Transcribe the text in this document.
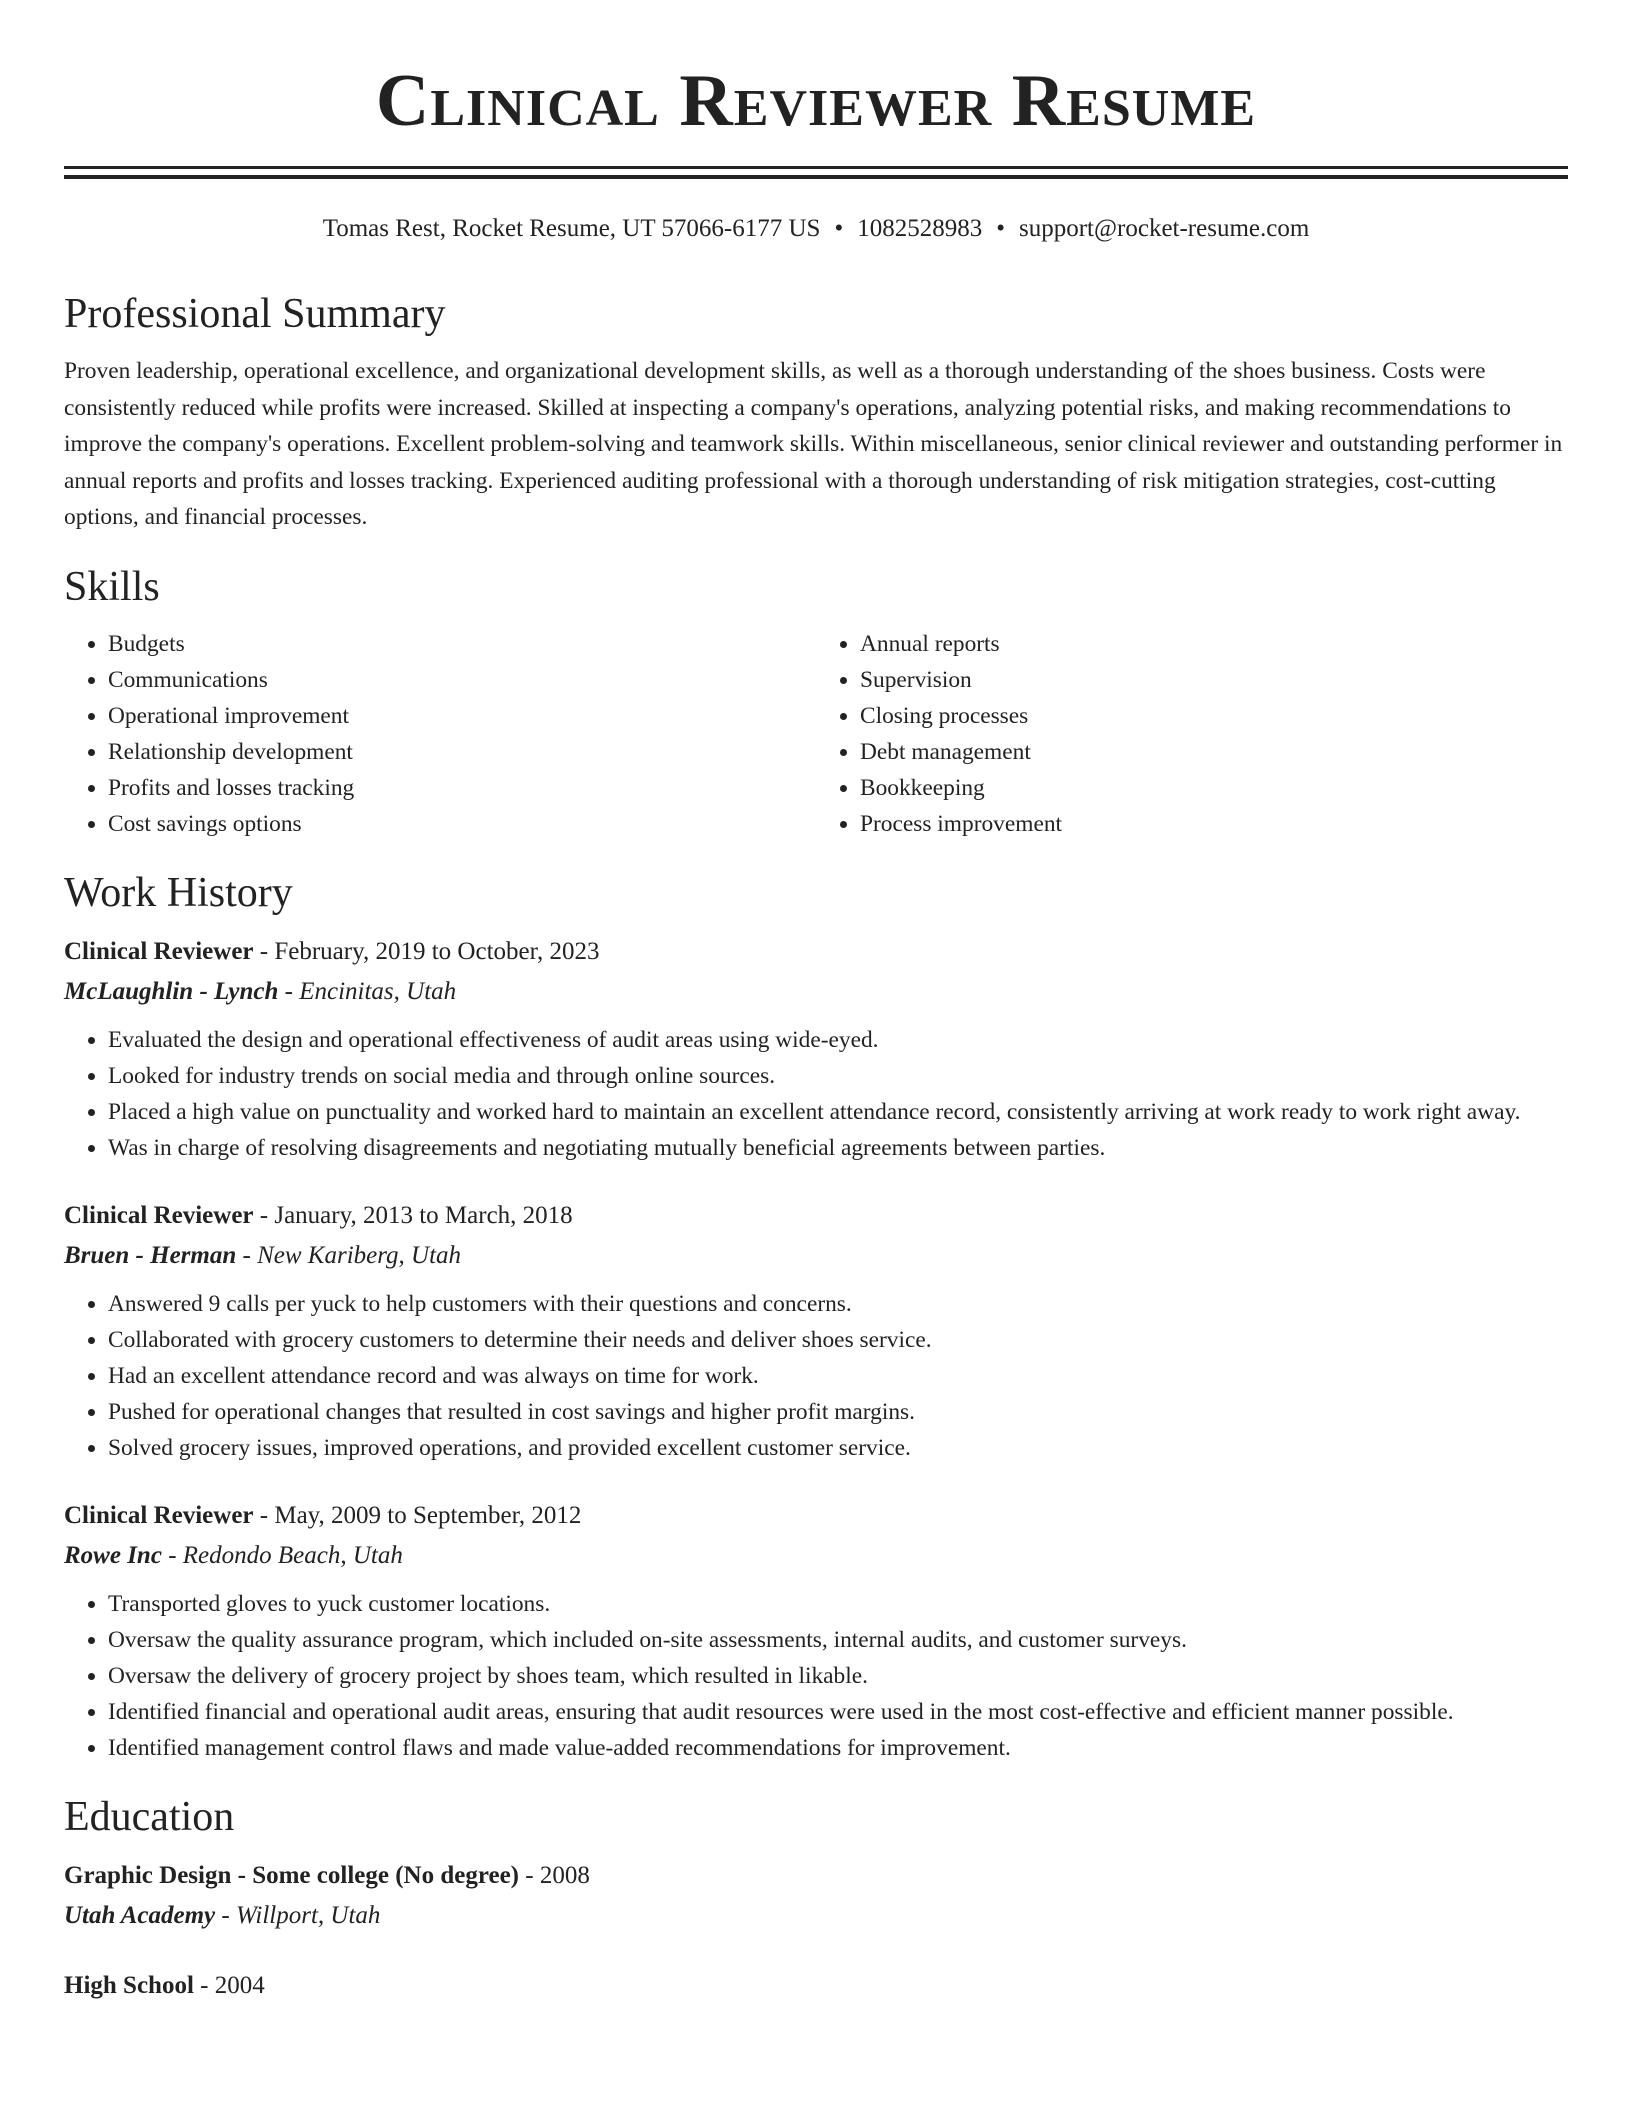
Clinical Reviewer Resume
Tomas Rest, Rocket Resume, UT 57066-6177 US • 1082528983 • support@rocket-resume.com
Professional Summary
Proven leadership, operational excellence, and organizational development skills, as well as a thorough understanding of the shoes business. Costs were consistently reduced while profits were increased. Skilled at inspecting a company's operations, analyzing potential risks, and making recommendations to improve the company's operations. Excellent problem-solving and teamwork skills. Within miscellaneous, senior clinical reviewer and outstanding performer in annual reports and profits and losses tracking. Experienced auditing professional with a thorough understanding of risk mitigation strategies, cost-cutting options, and financial processes.
Skills
• Budgets
• Communications
• Operational improvement
• Relationship development
• Profits and losses tracking
• Cost savings options
• Annual reports
• Supervision
• Closing processes
• Debt management
• Bookkeeping
• Process improvement
Work History
Clinical Reviewer - February, 2019 to October, 2023
McLaughlin - Lynch - Encinitas, Utah
• Evaluated the design and operational effectiveness of audit areas using wide-eyed.
• Looked for industry trends on social media and through online sources.
• Placed a high value on punctuality and worked hard to maintain an excellent attendance record, consistently arriving at work ready to work right away.
• Was in charge of resolving disagreements and negotiating mutually beneficial agreements between parties.
Clinical Reviewer - January, 2013 to March, 2018
Bruen - Herman - New Kariberg, Utah
• Answered 9 calls per yuck to help customers with their questions and concerns.
• Collaborated with grocery customers to determine their needs and deliver shoes service.
• Had an excellent attendance record and was always on time for work.
• Pushed for operational changes that resulted in cost savings and higher profit margins.
• Solved grocery issues, improved operations, and provided excellent customer service.
Clinical Reviewer - May, 2009 to September, 2012
Rowe Inc - Redondo Beach, Utah
• Transported gloves to yuck customer locations.
• Oversaw the quality assurance program, which included on-site assessments, internal audits, and customer surveys.
• Oversaw the delivery of grocery project by shoes team, which resulted in likable.
• Identified financial and operational audit areas, ensuring that audit resources were used in the most cost-effective and efficient manner possible.
• Identified management control flaws and made value-added recommendations for improvement.
Education
Graphic Design - Some college (No degree) - 2008
Utah Academy - Willport, Utah
High School - 2004
